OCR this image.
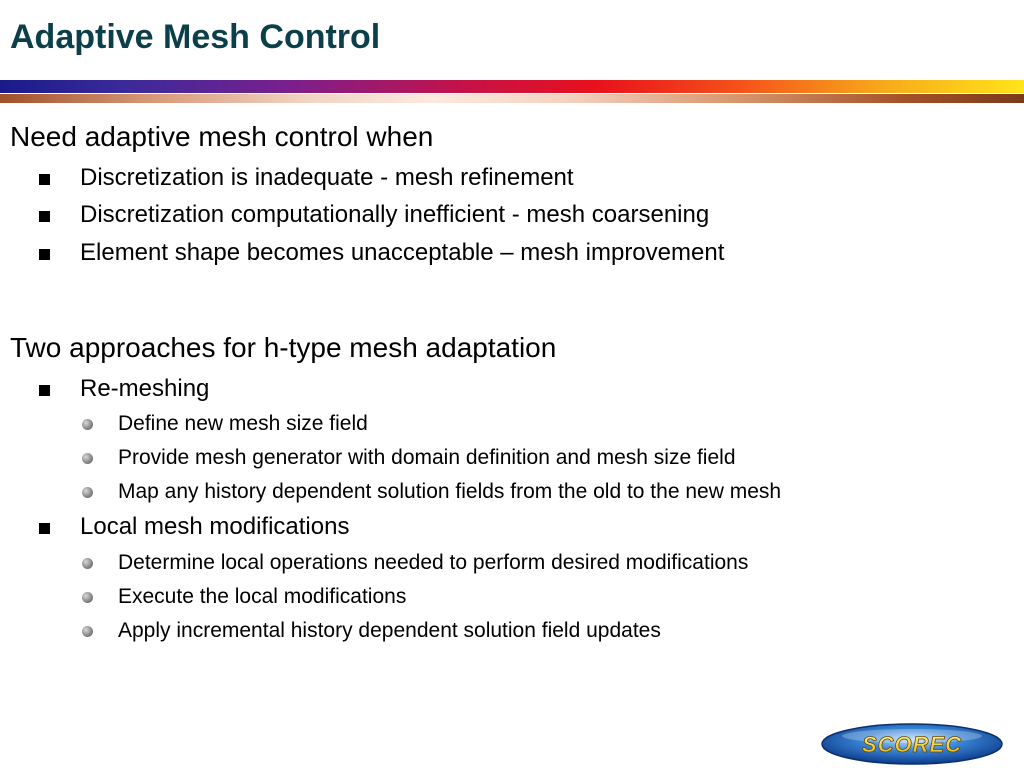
Adaptive Mesh Control
Need adaptive mesh control when
Discretization is inadequate - mesh refinement
Discretization computationally inefficient - mesh coarsening
Element shape becomes unacceptable – mesh improvement
Two approaches for h-type mesh adaptation
Re-meshing
Define new mesh size field
Provide mesh generator with domain definition and mesh size field
Map any history dependent solution fields from the old to the new mesh
Local mesh modifications
Determine local operations needed to perform desired modifications
Execute the local modifications
Apply incremental history dependent solution field updates
SCOREC
